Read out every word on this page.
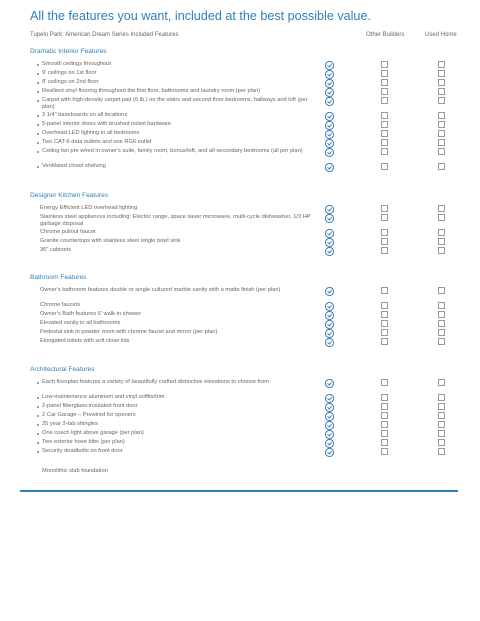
All the features you want, included at the best possible value.
Tupelo Park: American Dream Series Included Features	Other Builders	Used Home
Dramatic Interior Features
Smooth ceilings throughout
9' ceilings on 1st floor
8' ceilings on 2nd floor
Resilient vinyl flooring throughout the first floor, bathrooms and laundry room (per plan)
Carpet with high-density carpet pad (6 lb.) on the stairs and second floor bedrooms, hallways and loft (per plan)
3 1/4" baseboards on all locations
5-panel interior doors with brushed nickel hardware
Overhead LED lighting in all bedrooms
Two CAT-6 data outlets and one RG6 outlet
Ceiling fan pre wired in owner's suite, family room, bonus/loft, and all secondary bedrooms (all per plan)
Ventilated closet shelving
Designer Kitchen Features
Energy Efficient LED overhead lighting
Stainless steel appliances including: Electric range, space saver microwave, multi-cycle dishwasher, 1/3 HP garbage disposal
Chrome pullout faucet
Granite countertops with stainless steel single bowl sink
36" cabinets
Bathroom Features
Owner's bathroom features double or single cultured marble vanity with a matte finish (per plan)
Chrome faucets
Owner's Bath features 5' walk-in shower
Elevated vanity in all bathrooms
Pedestal sink in powder room with chrome faucet and mirror (per plan)
Elongated toilets with soft close lids
Architectural Features
Each floorplan features a variety of beautifully crafted distinctive elevations to choose from
Low-maintenance aluminum and vinyl soffits/trim
2-panel fiberglass-insulated front door
2 Car Garage – Prewired for openers
25 year 3-tab shingles
One coach light above garage (per plan)
Two exterior hose bibs (per plan)
Security deadbolts on front door
Monolithic slab foundation
